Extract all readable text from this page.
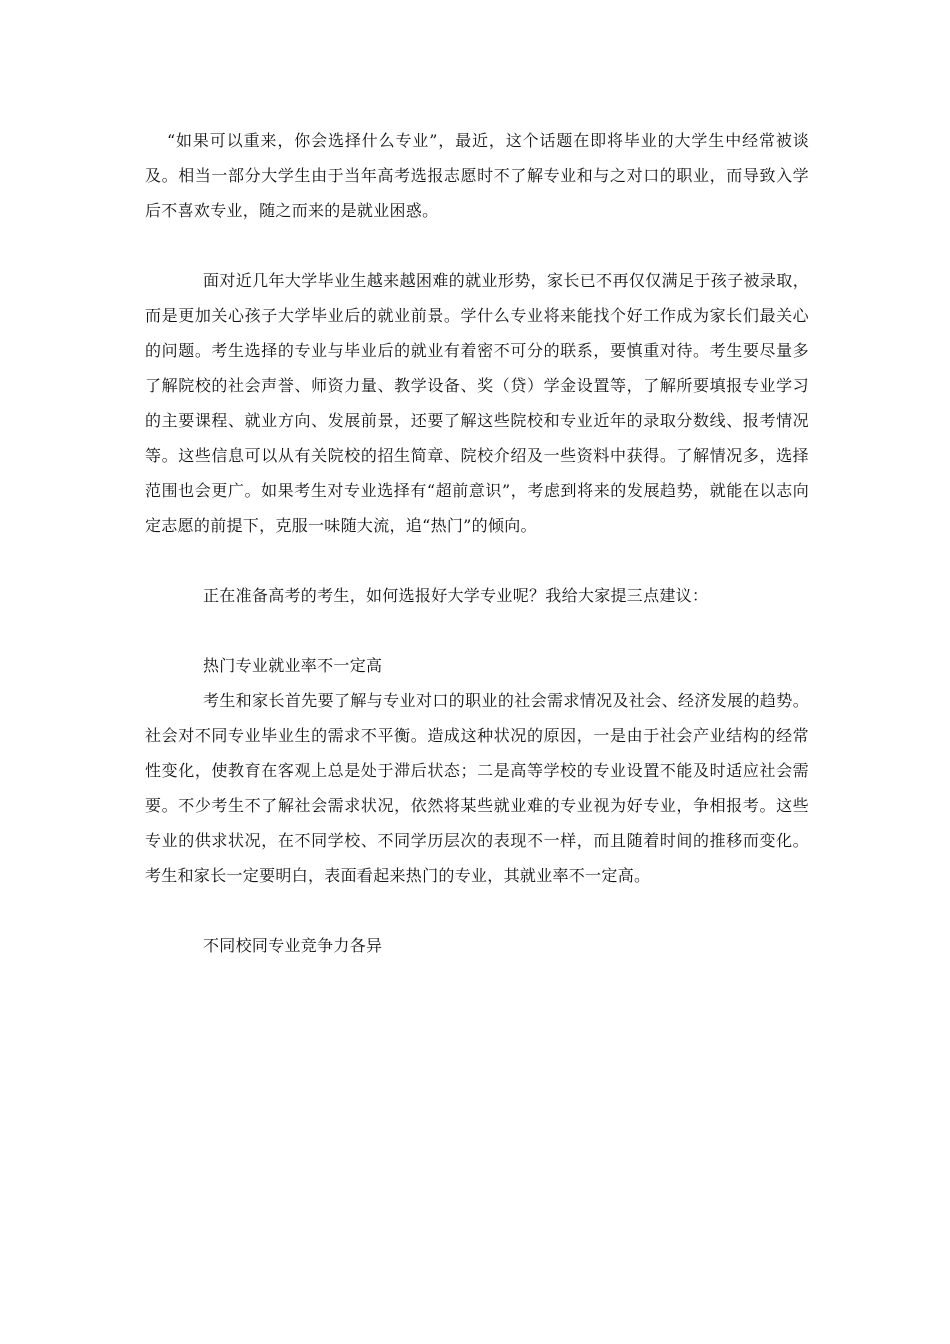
“如果可以重来，你会选择什么专业”，最近，这个话题在即将毕业的大学生中经常被谈及。相当一部分大学生由于当年高考选报志愿时不了解专业和与之对口的职业，而导致入学后不喜欢专业，随之而来的是就业困惑。

面对近几年大学毕业生越来越困难的就业形势，家长已不再仅仅满足于孩子被录取，而是更加关心孩子大学毕业后的就业前景。学什么专业将来能找个好工作成为家长们最关心的问题。考生选择的专业与毕业后的就业有着密不可分的联系，要慎重对待。考生要尽量多了解院校的社会声誉、师资力量、教学设备、奖（贷）学金设置等，了解所要填报专业学习的主要课程、就业方向、发展前景，还要了解这些院校和专业近年的录取分数线、报考情况等。这些信息可以从有关院校的招生简章、院校介绍及一些资料中获得。了解情况多，选择范围也会更广。如果考生对专业选择有“超前意识”，考虑到将来的发展趋势，就能在以志向定志愿的前提下，克服一味随大流，追“热门”的倾向。

正在准备高考的考生，如何选报好大学专业呢？我给大家提三点建议：

热门专业就业率不一定高

考生和家长首先要了解与专业对口的职业的社会需求情况及社会、经济发展的趋势。社会对不同专业毕业生的需求不平衡。造成这种状况的原因，一是由于社会产业结构的经常性变化，使教育在客观上总是处于滞后状态；二是高等学校的专业设置不能及时适应社会需要。不少考生不了解社会需求状况，依然将某些就业难的专业视为好专业，争相报考。这些专业的供求状况，在不同学校、不同学历层次的表现不一样，而且随着时间的推移而变化。考生和家长一定要明白，表面看起来热门的专业，其就业率不一定高。

不同校同专业竞争力各异
